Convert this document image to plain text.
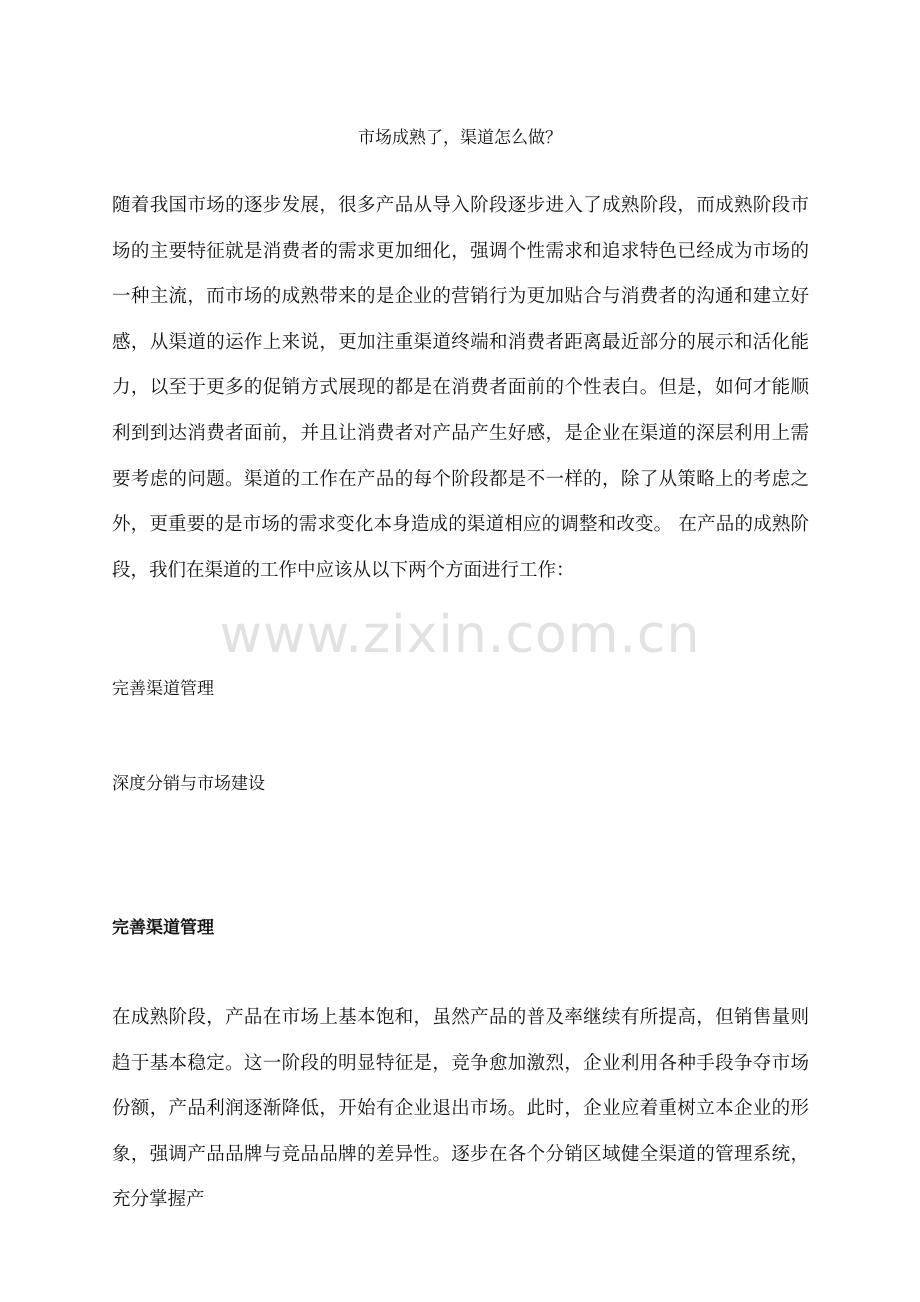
市场成熟了，渠道怎么做？

随着我国市场的逐步发展，很多产品从导入阶段逐步进入了成熟阶段，而成熟阶段市场的主要特征就是消费者的需求更加细化，强调个性需求和追求特色已经成为市场的一种主流，而市场的成熟带来的是企业的营销行为更加贴合与消费者的沟通和建立好感，从渠道的运作上来说，更加注重渠道终端和消费者距离最近部分的展示和活化能力，以至于更多的促销方式展现的都是在消费者面前的个性表白。但是，如何才能顺利到到达消费者面前，并且让消费者对产品产生好感，是企业在渠道的深层利用上需要考虑的问题。渠道的工作在产品的每个阶段都是不一样的，除了从策略上的考虑之外，更重要的是市场的需求变化本身造成的渠道相应的调整和改变。 在产品的成熟阶段，我们在渠道的工作中应该从以下两个方面进行工作：

www.zixin.com.cn

完善渠道管理

深度分销与市场建设

完善渠道管理

在成熟阶段，产品在市场上基本饱和，虽然产品的普及率继续有所提高，但销售量则趋于基本稳定。这一阶段的明显特征是，竞争愈加激烈，企业利用各种手段争夺市场份额，产品利润逐渐降低，开始有企业退出市场。此时，企业应着重树立本企业的形象，强调产品品牌与竞品品牌的差异性。逐步在各个分销区域健全渠道的管理系统，充分掌握产
